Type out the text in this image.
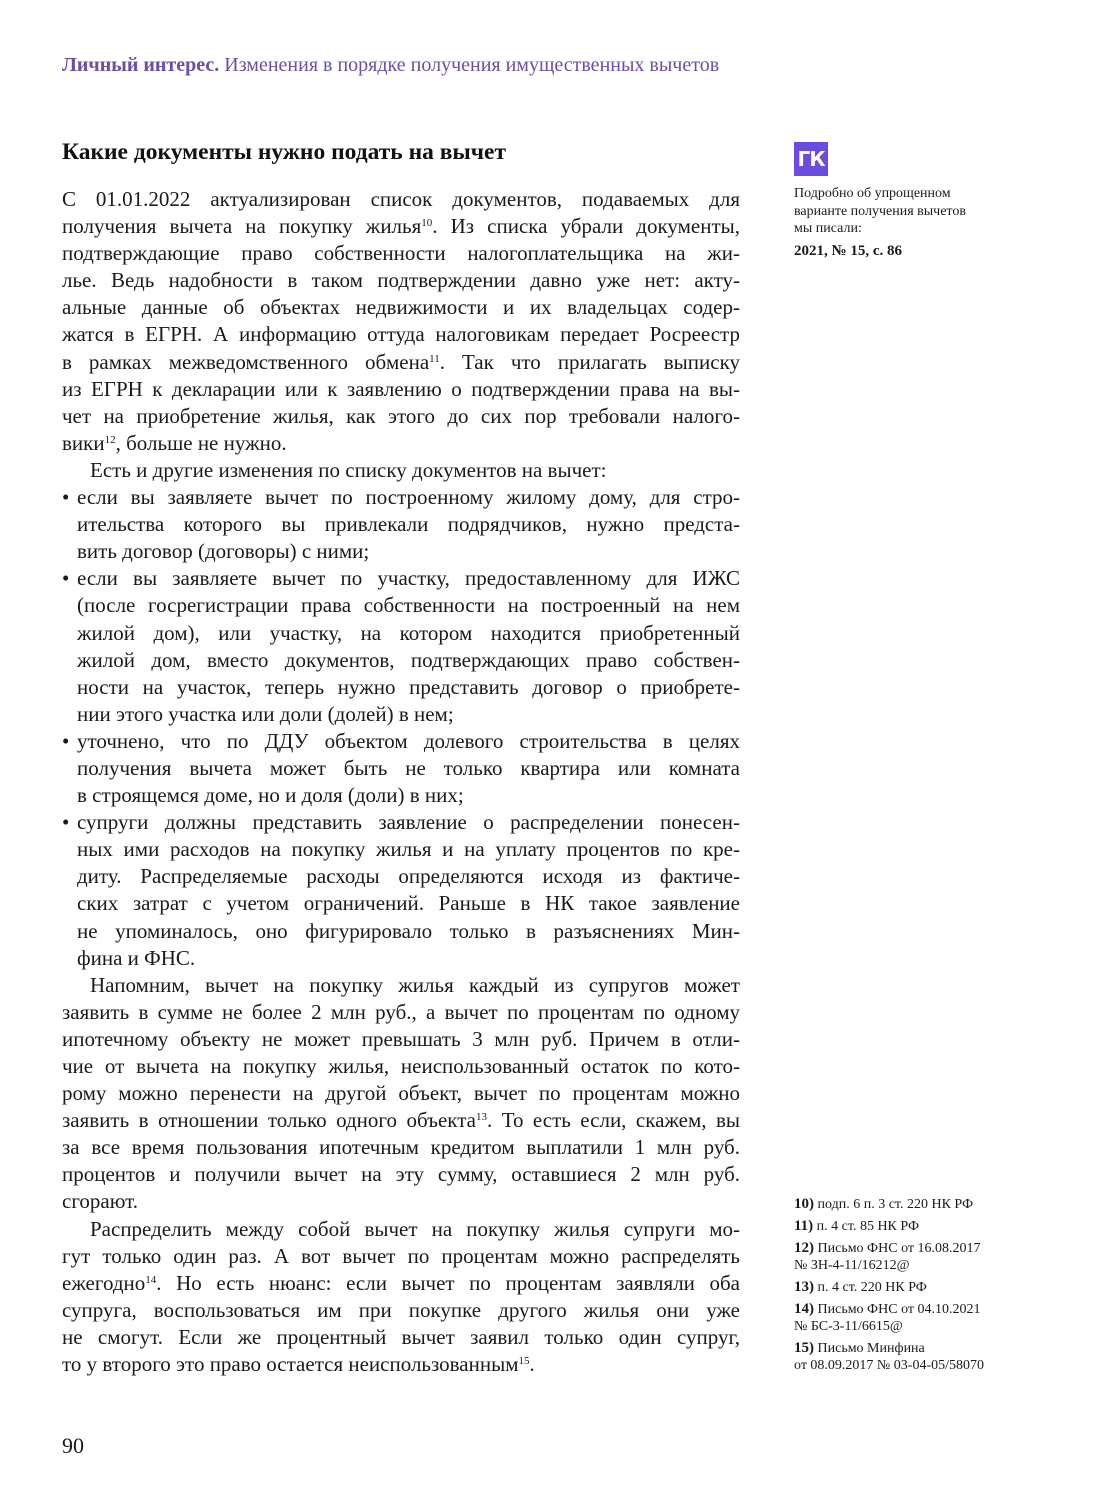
Личный интерес. Изменения в порядке получения имущественных вычетов
Какие документы нужно подать на вычет
С 01.01.2022 актуализирован список документов, подаваемых для
получения вычета на покупку жилья$^{10}$. Из списка убрали документы,
подтверждающие право собственности налогоплательщика на жи-
лье. Ведь надобности в таком подтверждении давно уже нет: акту-
альные данные об объектах недвижимости и их владельцах содер-
жатся в ЕГРН. А информацию оттуда налоговикам передает Росреестр
в рамках межведомственного обмена$^{11}$. Так что прилагать выписку
из ЕГРН к декларации или к заявлению о подтверждении права на вы-
чет на приобретение жилья, как этого до сих пор требовали налого-
вики$^{12}$, больше не нужно.
Есть и другие изменения по списку документов на вычет:
• если вы заявляете вычет по построенному жилому дому, для стро-
ительства которого вы привлекали подрядчиков, нужно предста-
вить договор (договоры) с ними;
• если вы заявляете вычет по участку, предоставленному для ИЖС
(после госрегистрации права собственности на построенный на нем
жилой дом), или участку, на котором находится приобретенный
жилой дом, вместо документов, подтверждающих право собствен-
ности на участок, теперь нужно представить договор о приобрете-
нии этого участка или доли (долей) в нем;
• уточнено, что по ДДУ объектом долевого строительства в целях
получения вычета может быть не только квартира или комната
в строящемся доме, но и доля (доли) в них;
• супруги должны представить заявление о распределении понесен-
ных ими расходов на покупку жилья и на уплату процентов по кре-
диту. Распределяемые расходы определяются исходя из фактиче-
ских затрат с учетом ограничений. Раньше в НК такое заявление
не упоминалось, оно фигурировало только в разъяснениях Мин-
фина и ФНС.
Напомним, вычет на покупку жилья каждый из супругов может
заявить в сумме не более 2 млн руб., а вычет по процентам по одному
ипотечному объекту не может превышать 3 млн руб. Причем в отли-
чие от вычета на покупку жилья, неиспользованный остаток по кото-
рому можно перенести на другой объект, вычет по процентам можно
заявить в отношении только одного объекта$^{13}$. То есть если, скажем, вы
за все время пользования ипотечным кредитом выплатили 1 млн руб.
процентов и получили вычет на эту сумму, оставшиеся 2 млн руб.
сгорают.
Распределить между собой вычет на покупку жилья супруги мо-
гут только один раз. А вот вычет по процентам можно распределять
ежегодно$^{14}$. Но есть нюанс: если вычет по процентам заявляли оба
супруга, воспользоваться им при покупке другого жилья они уже
не смогут. Если же процентный вычет заявил только один супруг,
то у второго это право остается неиспользованным$^{15}$.
ГК
Подробно об упрощенном
варианте получения вычетов
мы писали:
2021, № 15, с. 86
10) подп. 6 п. 3 ст. 220 НК РФ
11) п. 4 ст. 85 НК РФ
12) Письмо ФНС от 16.08.2017
№ ЗН-4-11/16212@
13) п. 4 ст. 220 НК РФ
14) Письмо ФНС от 04.10.2021
№ БС-3-11/6615@
15) Письмо Минфина
от 08.09.2017 № 03-04-05/58070
90
